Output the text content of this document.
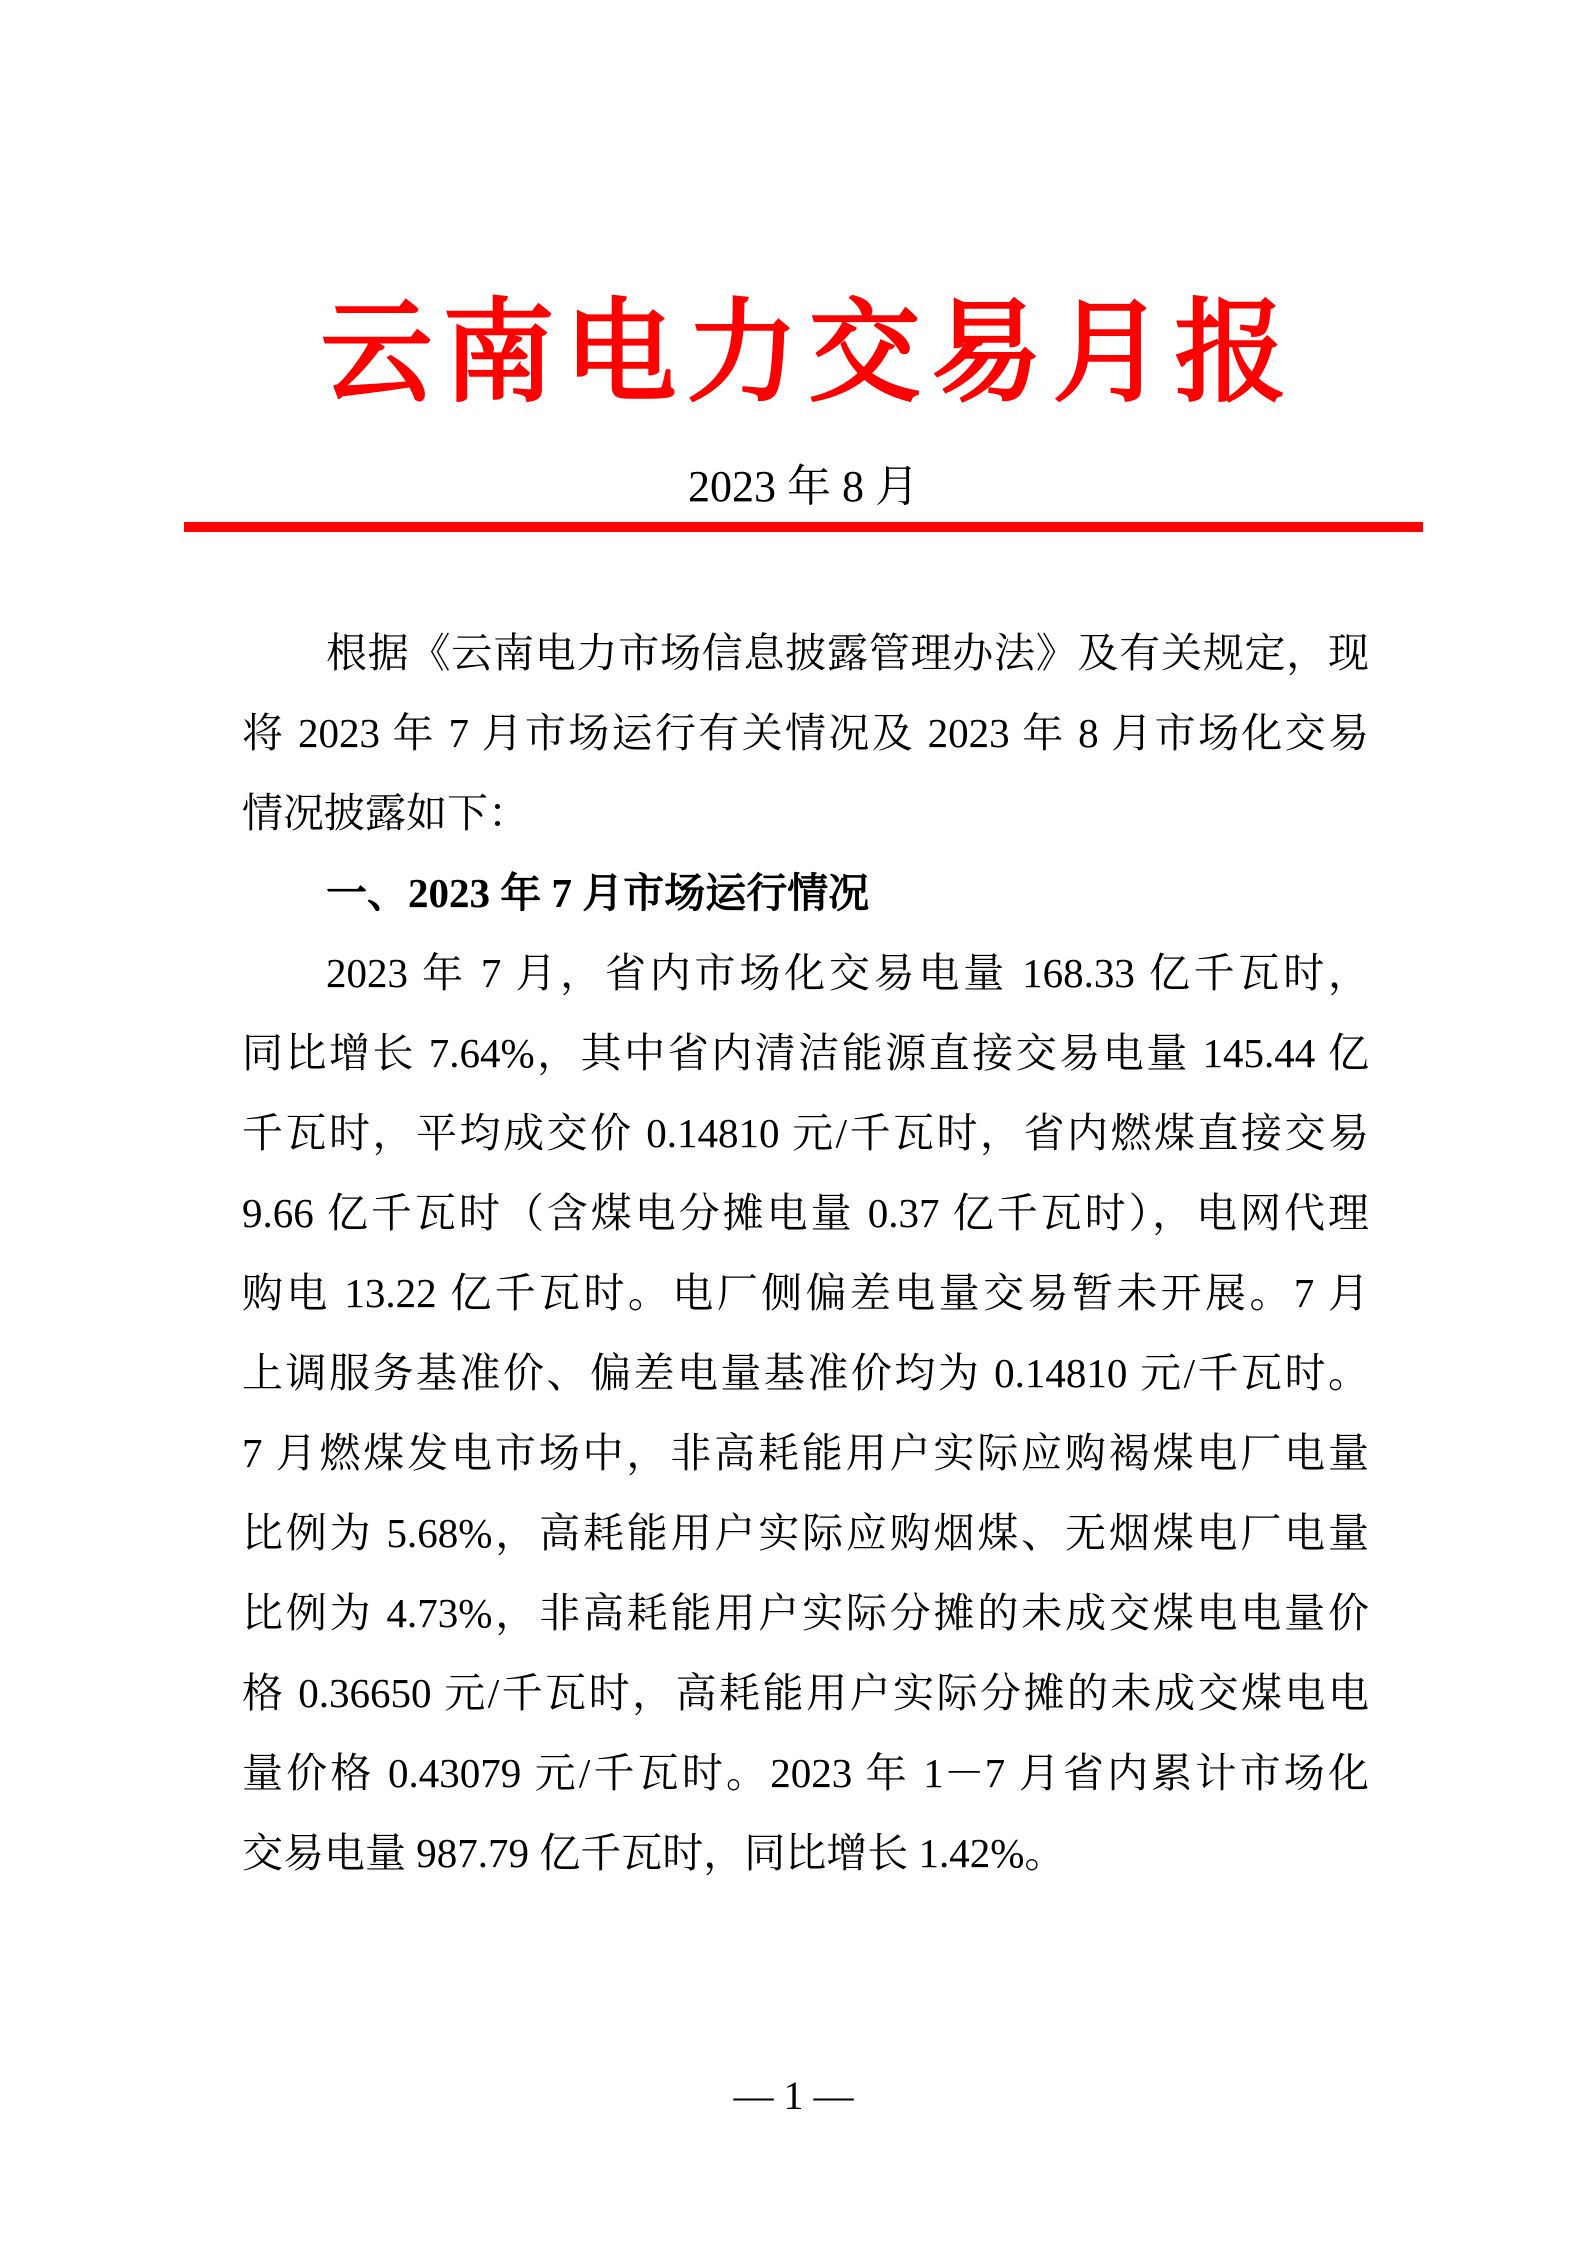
云南电力交易月报
2023 年 8 月
根据《云南电力市场信息披露管理办法》及有关规定，现
将 2023 年 7 月市场运行有关情况及 2023 年 8 月市场化交易
情况披露如下：
一、2023 年 7 月市场运行情况
2023 年 7 月，省内市场化交易电量 168.33 亿千瓦时，
同比增长 7.64%，其中省内清洁能源直接交易电量 145.44 亿
千瓦时，平均成交价 0.14810 元/千瓦时，省内燃煤直接交易
9.66 亿千瓦时（含煤电分摊电量 0.37 亿千瓦时），电网代理
购电 13.22 亿千瓦时。电厂侧偏差电量交易暂未开展。7 月
上调服务基准价、偏差电量基准价均为 0.14810 元/千瓦时。
7 月燃煤发电市场中，非高耗能用户实际应购褐煤电厂电量
比例为 5.68%，高耗能用户实际应购烟煤、无烟煤电厂电量
比例为 4.73%，非高耗能用户实际分摊的未成交煤电电量价
格 0.36650 元/千瓦时，高耗能用户实际分摊的未成交煤电电
量价格 0.43079 元/千瓦时。2023 年 1－7 月省内累计市场化
交易电量 987.79 亿千瓦时，同比增长 1.42%。
— 1 —
